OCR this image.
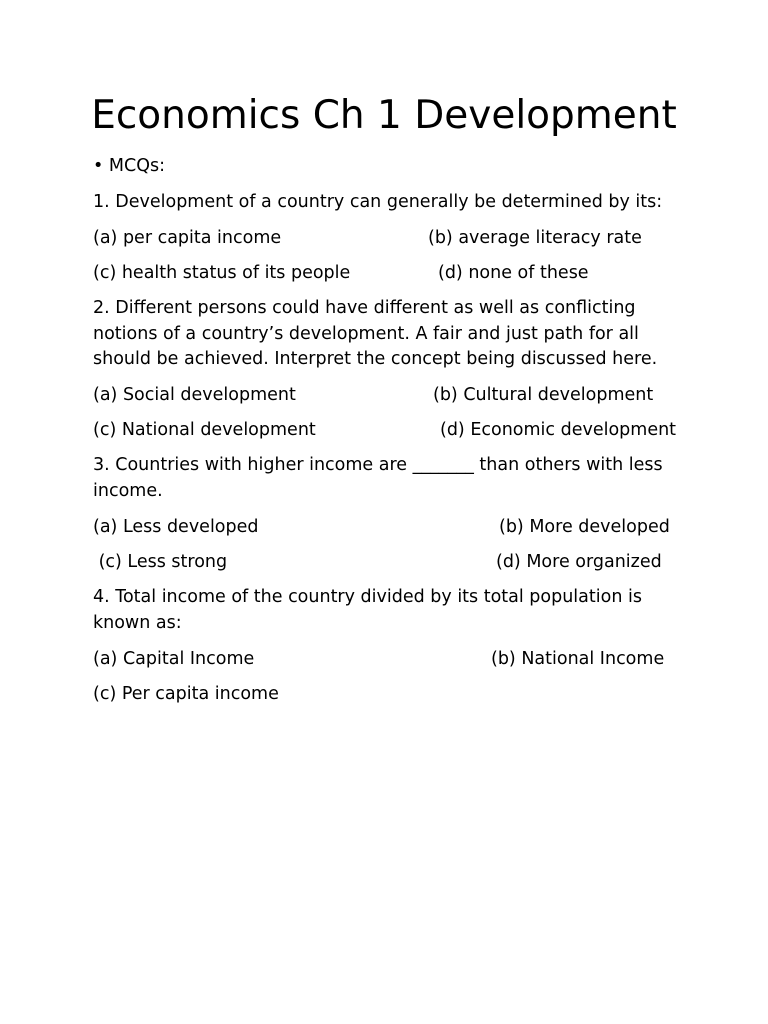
Economics Ch 1 Development

• MCQs:

1. Development of a country can generally be determined by its:

(a) per capita income	(b) average literacy rate

(c) health status of its people	(d) none of these

2. Different persons could have different as well as conflicting notions of a country’s development. A fair and just path for all should be achieved. Interpret the concept being discussed here.

(a) Social development	(b) Cultural development

(c) National development	(d) Economic development

3. Countries with higher income are _______ than others with less income.

(a) Less developed	(b) More developed

(c) Less strong	(d) More organized

4. Total income of the country divided by its total population is known as:

(a) Capital Income	(b) National Income

(c) Per capita income
